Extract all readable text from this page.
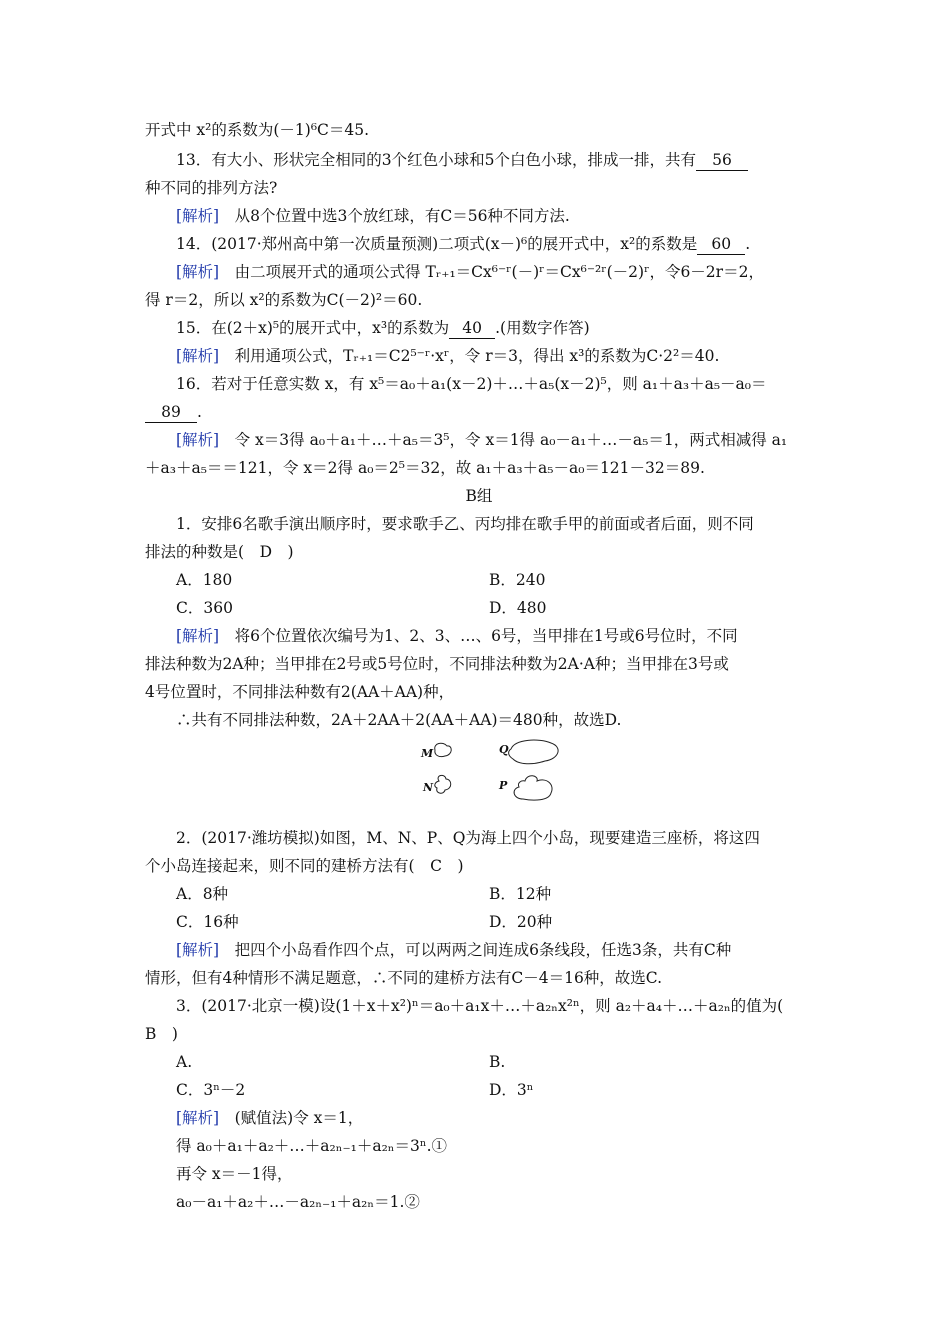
开式中 x²的系数为(－1)⁶C＝45.
13．有大小、形状完全相同的3个红色小球和5个白色小球，排成一排，共有 56
种不同的排列方法?
[解析]　 从8个位置中选3个放红球，有C＝56种不同方法.
14．(2017·郑州高中第一次质量预测)二项式(x－)⁶的展开式中，x²的系数是 60 .
[解析]　 由二项展开式的通项公式得 Tᵣ₊₁＝Cx⁶⁻ʳ(－)ʳ＝Cx⁶⁻²ʳ(－2)ʳ，令6－2r＝2，
得 r＝2，所以 x²的系数为C(－2)²＝60.
15．在(2＋x)⁵的展开式中，x³的系数为 40 .(用数字作答)
[解析]　 利用通项公式，Tᵣ₊₁＝C2⁵⁻ʳ·xʳ，令 r＝3，得出 x³的系数为C·2²＝40.
16．若对于任意实数 x，有 x⁵＝a₀＋a₁(x－2)＋…＋a₅(x－2)⁵，则 a₁＋a₃＋a₅－a₀＝
89 .
[解析]　 令 x＝3得 a₀＋a₁＋…＋a₅＝3⁵，令 x＝1得 a₀－a₁＋…－a₅＝1，两式相减得 a₁
＋a₃＋a₅＝＝121，令 x＝2得 a₀＝2⁵＝32，故 a₁＋a₃＋a₅－a₀＝121－32＝89.
B组
1．安排6名歌手演出顺序时，要求歌手乙、丙均排在歌手甲的前面或者后面，则不同
排法的种数是(　 D　)
A．180	B．240
C．360	D．480
[解析]　 将6个位置依次编号为1、2、3、…、6号，当甲排在1号或6号位时，不同
排法种数为2A种；当甲排在2号或5号位时，不同排法种数为2A·A种；当甲排在3号或
4号位置时，不同排法种数有2(AA＋AA)种，
∴共有不同排法种数，2A＋2AA＋2(AA＋AA)＝480种，故选D.
M
N
Q
P
2．(2017·潍坊模拟)如图，M、N、P、Q为海上四个小岛，现要建造三座桥，将这四
个小岛连接起来，则不同的建桥方法有(　 C　)
A．8种	B．12种
C．16种	D．20种
[解析]　 把四个小岛看作四个点，可以两两之间连成6条线段，任选3条，共有C种
情形，但有4种情形不满足题意，∴不同的建桥方法有C－4＝16种，故选C.
3．(2017·北京一模)设(1＋x＋x²)ⁿ＝a₀＋a₁x＋…＋a₂ₙx²ⁿ，则 a₂＋a₄＋…＋a₂ₙ的值为(
B　)
A.	B.
C．3ⁿ－2	D．3ⁿ
[解析]　 (赋值法)令 x＝1，
得 a₀＋a₁＋a₂＋…＋a₂ₙ₋₁＋a₂ₙ＝3ⁿ.①
再令 x＝－1得，
a₀－a₁＋a₂＋…－a₂ₙ₋₁＋a₂ₙ＝1.②
